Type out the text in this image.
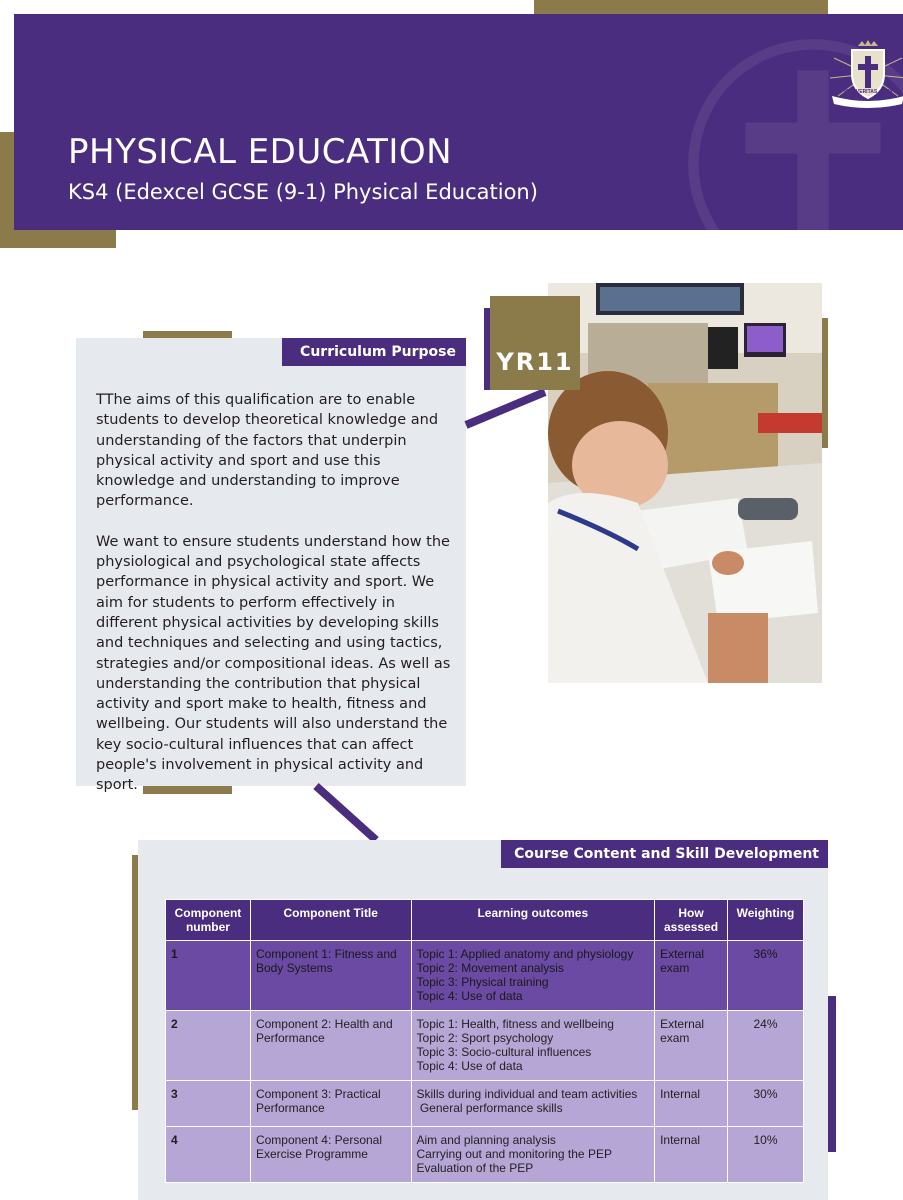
PHYSICAL EDUCATION
KS4 (Edexcel GCSE (9-1) Physical Education)
VIA · VERITAS · VITA
Curriculum Purpose

TThe aims of this qualification are to enable students to develop theoretical knowledge and understanding of the factors that underpin physical activity and sport and use this knowledge and understanding to improve performance.

We want to ensure students understand how the physiological and psychological state affects performance in physical activity and sport. We aim for students to perform effectively in different physical activities by developing skills and techniques and selecting and using tactics, strategies and/or compositional ideas. As well as understanding the contribution that physical activity and sport make to health, fitness and wellbeing. Our students will also understand the key socio-cultural influences that can affect people's involvement in physical activity and sport.

YR11
Course Content and Skill Development
Component number	Component Title	Learning outcomes	How assessed	Weighting
1	Component 1: Fitness and Body Systems	Topic 1: Applied anatomy and physiology
Topic 2: Movement analysis
Topic 3: Physical training
Topic 4: Use of data	External exam	36%
2	Component 2: Health and Performance	Topic 1: Health, fitness and wellbeing
Topic 2: Sport psychology
Topic 3: Socio-cultural influences
Topic 4: Use of data	External exam	24%
3	Component 3: Practical Performance	Skills during individual and team activities
General performance skills	Internal	30%
4	Component 4: Personal Exercise Programme	Aim and planning analysis
Carrying out and monitoring the PEP
Evaluation of the PEP	Internal	10%
